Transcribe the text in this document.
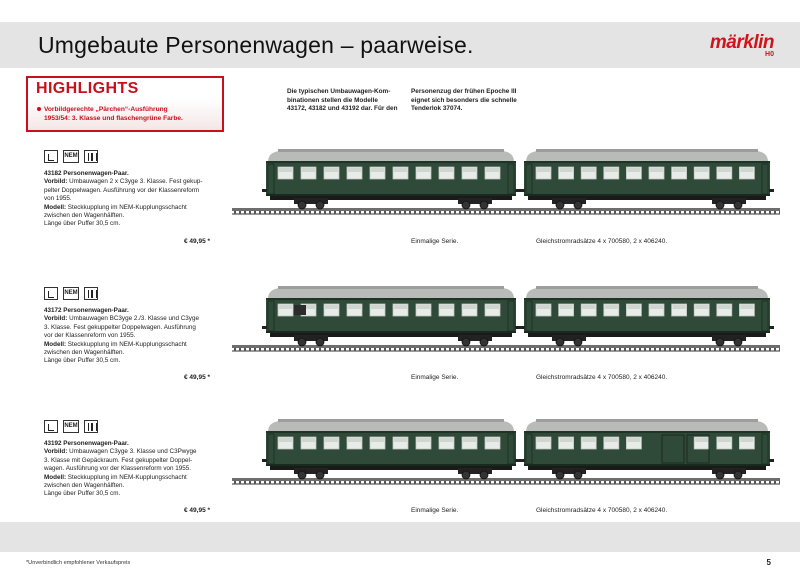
Umgebaute Personenwagen – paarweise.	märklin
H0
HIGHLIGHTS
Vorbildgerechte „Pärchen“-Ausführung
1953/54: 3. Klasse und flaschengrüne Farbe.
Die typischen Umbauwagen-Kom-
binationen stellen die Modelle
43172, 43182 und 43192 dar. Für den
Personenzug der frühen Epoche III
eignet sich besonders die schnelle
Tenderlok 37074.
NEM
43182 Personenwagen-Paar.
Vorbild: Umbauwagen 2 x C3yge 3. Klasse. Fest gekup-
pelter Doppelwagen. Ausführung vor der Klassenreform
von 1955.
Modell: Steckkupplung im NEM-Kupplungsschacht
zwischen den Wagenhälften.
Länge über Puffer 30,5 cm.
€ 49,95 *	Einmalige Serie.	Gleichstromradsätze 4 x 700580, 2 x 406240.
NEM
43172 Personenwagen-Paar.
Vorbild: Umbauwagen BC3yge 2./3. Klasse und C3yge
3. Klasse. Fest gekuppelter Doppelwagen. Ausführung
vor der Klassenreform von 1955.
Modell: Steckkupplung im NEM-Kupplungsschacht
zwischen den Wagenhälften.
Länge über Puffer 30,5 cm.
€ 49,95 *	Einmalige Serie.	Gleichstromradsätze 4 x 700580, 2 x 406240.
NEM
43192 Personenwagen-Paar.
Vorbild: Umbauwagen C3yge 3. Klasse und C3Pwyge
3. Klasse mit Gepäckraum. Fest gekuppelter Doppel-
wagen. Ausführung vor der Klassenreform von 1955.
Modell: Steckkupplung im NEM-Kupplungsschacht
zwischen den Wagenhälften.
Länge über Puffer 30,5 cm.
€ 49,95 *	Einmalige Serie.	Gleichstromradsätze 4 x 700580, 2 x 406240.
*Unverbindlich empfohlener Verkaufspreis	5
